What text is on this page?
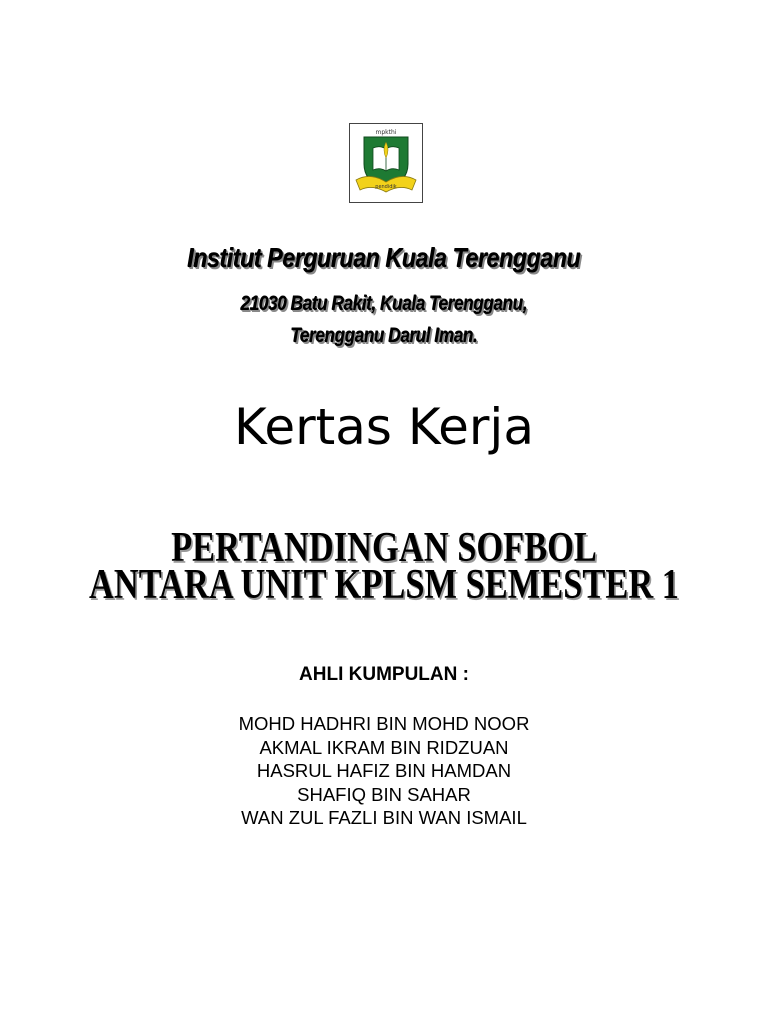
mpkthi
pendidik
Institut Perguruan Kuala Terengganu
21030 Batu Rakit, Kuala Terengganu,
Terengganu Darul Iman.
Kertas Kerja
PERTANDINGAN SOFBOL
ANTARA UNIT KPLSM SEMESTER 1
AHLI KUMPULAN :
MOHD HADHRI BIN MOHD NOOR
AKMAL IKRAM BIN RIDZUAN
HASRUL HAFIZ BIN HAMDAN
SHAFIQ BIN SAHAR
WAN ZUL FAZLI BIN WAN ISMAIL
